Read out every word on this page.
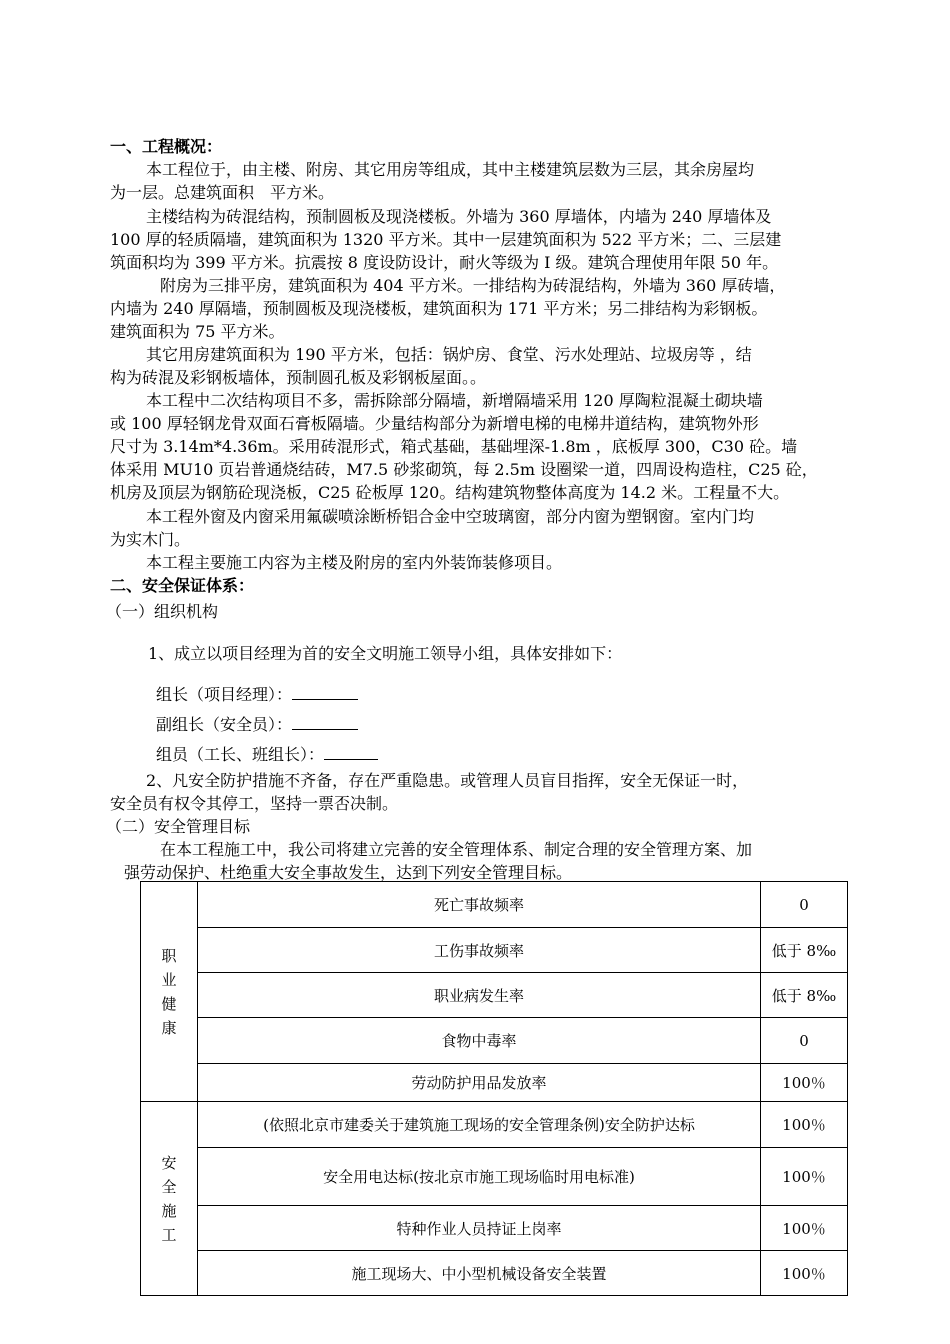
一、工程概况：
本工程位于，由主楼、附房、其它用房等组成，其中主楼建筑层数为三层，其余房屋均
为一层。总建筑面积　平方米。
主楼结构为砖混结构，预制圆板及现浇楼板。外墙为 360 厚墙体，内墙为 240 厚墙体及
100 厚的轻质隔墙，建筑面积为 1320 平方米。其中一层建筑面积为 522 平方米；二、三层建
筑面积均为 399 平方米。抗震按 8 度设防设计，耐火等级为 I 级。建筑合理使用年限 50 年。
附房为三排平房，建筑面积为 404 平方米。一排结构为砖混结构，外墙为 360 厚砖墙，
内墙为 240 厚隔墙，预制圆板及现浇楼板，建筑面积为 171 平方米；另二排结构为彩钢板。
建筑面积为 75 平方米。
其它用房建筑面积为 190 平方米，包括：锅炉房、食堂、污水处理站、垃圾房等 ，结
构为砖混及彩钢板墙体，预制圆孔板及彩钢板屋面。。
本工程中二次结构项目不多，需拆除部分隔墙，新增隔墙采用 120 厚陶粒混凝土砌块墙
或 100 厚轻钢龙骨双面石膏板隔墙。少量结构部分为新增电梯的电梯井道结构，建筑物外形
尺寸为 3.14m*4.36m。采用砖混形式，箱式基础，基础埋深-1.8m ，底板厚 300，C30 砼。墙
体采用 MU10 页岩普通烧结砖，M7.5 砂浆砌筑，每 2.5m 设圈梁一道，四周设构造柱，C25 砼，
机房及顶层为钢筋砼现浇板，C25 砼板厚 120。结构建筑物整体高度为 14.2 米。工程量不大。
本工程外窗及内窗采用氟碳喷涂断桥铝合金中空玻璃窗，部分内窗为塑钢窗。室内门均
为实木门。
本工程主要施工内容为主楼及附房的室内外装饰装修项目。
二、安全保证体系：
（一）组织机构
1、成立以项目经理为首的安全文明施工领导小组，具体安排如下：
组长（项目经理）：
副组长（安全员）：
组员（工长、班组长）：
2、凡安全防护措施不齐备，存在严重隐患。或管理人员盲目指挥，安全无保证一时，
安全员有权令其停工，坚持一票否决制。
（二）安全管理目标
在本工程施工中，我公司将建立完善的安全管理体系、制定合理的安全管理方案、加
强劳动保护、杜绝重大安全事故发生，达到下列安全管理目标。
职
业
健
康	死亡事故频率	0
	工伤事故频率	低于 8‰
	职业病发生率	低于 8‰
	食物中毒率	0
	劳动防护用品发放率	100％

安
全
施
工	(依照北京市建委关于建筑施工现场的安全管理条例)安全防护达标	100％
	安全用电达标(按北京市施工现场临时用电标准)	100％
	特种作业人员持证上岗率	100％
	施工现场大、中小型机械设备安全装置	100％
